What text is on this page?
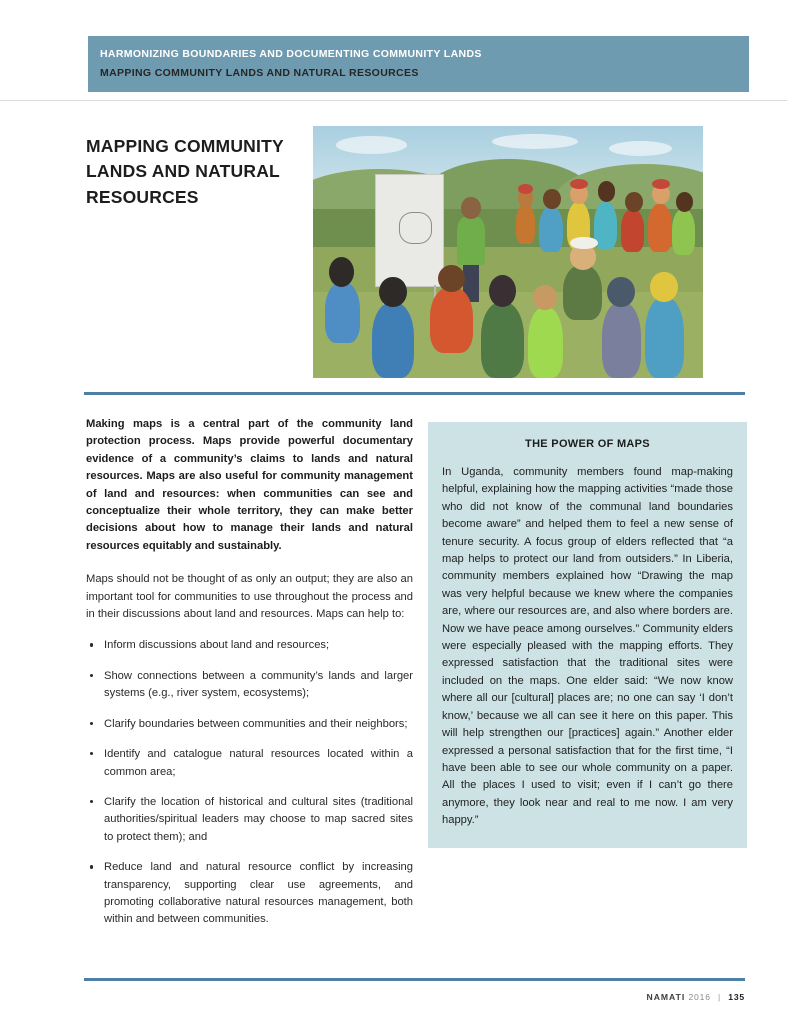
HARMONIZING BOUNDARIES AND DOCUMENTING COMMUNITY LANDS
MAPPING COMMUNITY LANDS AND NATURAL RESOURCES
MAPPING COMMUNITY LANDS AND NATURAL RESOURCES

Making maps is a central part of the community land protection process. Maps provide powerful documentary evidence of a community’s claims to lands and natural resources. Maps are also useful for community management of land and resources: when communities can see and conceptualize their whole territory, they can make better decisions about how to manage their lands and natural resources equitably and sustainably.

Maps should not be thought of as only an output; they are also an important tool for communities to use throughout the process and in their discussions about land and resources. Maps can help to:

Inform discussions about land and resources;
Show connections between a community’s lands and larger systems (e.g., river system, ecosystems);
Clarify boundaries between communities and their neighbors;
Identify and catalogue natural resources located within a common area;
Clarify the location of historical and cultural sites (traditional authorities/spiritual leaders may choose to map sacred sites to protect them); and
Reduce land and natural resource conflict by increasing transparency, supporting clear use agreements, and promoting collaborative natural resources management, both within and between communities.
THE POWER OF MAPS

In Uganda, community members found map-making helpful, explaining how the mapping activities “made those who did not know of the communal land boundaries become aware” and helped them to feel a new sense of tenure security. A focus group of elders reflected that “a map helps to protect our land from outsiders.” In Liberia, community members explained how “Drawing the map was very helpful because we knew where the companies are, where our resources are, and also where borders are. Now we have peace among ourselves.” Community elders were especially pleased with the mapping efforts. They expressed satisfaction that the traditional sites were included on the maps. One elder said: “We now know where all our [cultural] places are; no one can say ‘I don’t know,’ because we all can see it here on this paper. This will help strengthen our [practices] again.” Another elder expressed a personal satisfaction that for the first time, “I have been able to see our whole community on a paper. All the places I used to visit; even if I can’t go there anymore, they look near and real to me now. I am very happy.”

NAMATI 2016 | 135
